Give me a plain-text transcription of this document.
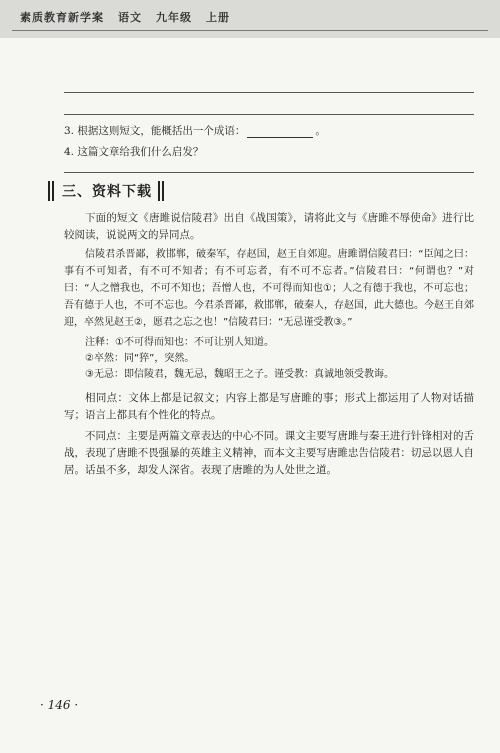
素质教育新学案 语文 九年级 上册
3. 根据这则短文，能概括出一个成语：	。
4. 这篇文章给我们什么启发？
三、资料下载
下面的短文《唐雎说信陵君》出自《战国策》，请将此文与《唐雎不辱使命》进行比较阅读，说说两文的异同点。
信陵君杀晋鄙，救邯郸，破秦军，存赵国，赵王自郊迎。唐雎谓信陵君曰：“臣闻之曰：事有不可知者，有不可不知者；有不可忘者，有不可不忘者。”信陵君曰：“何谓也？”对曰：“人之憎我也，不可不知也；吾憎人也，不可得而知也①；人之有德于我也，不可忘也；吾有德于人也，不可不忘也。今君杀晋鄙，救邯郸，破秦人，存赵国，此大德也。今赵王自郊迎，卒然见赵王②，愿君之忘之也！”信陵君曰：“无忌谨受教③。”
注释：①不可得而知也：不可让别人知道。
②卒然：同“猝”，突然。
③无忌：即信陵君，魏无忌，魏昭王之子。谨受教：真诚地领受教诲。
相同点：文体上都是记叙文；内容上都是写唐雎的事；形式上都运用了人物对话描写；语言上都具有个性化的特点。
不同点：主要是两篇文章表达的中心不同。课文主要写唐雎与秦王进行针锋相对的舌战，表现了唐雎不畏强暴的英雄主义精神，而本文主要写唐雎忠告信陵君：切忌以恩人自居。话虽不多，却发人深省。表现了唐雎的为人处世之道。
· 146 ·
